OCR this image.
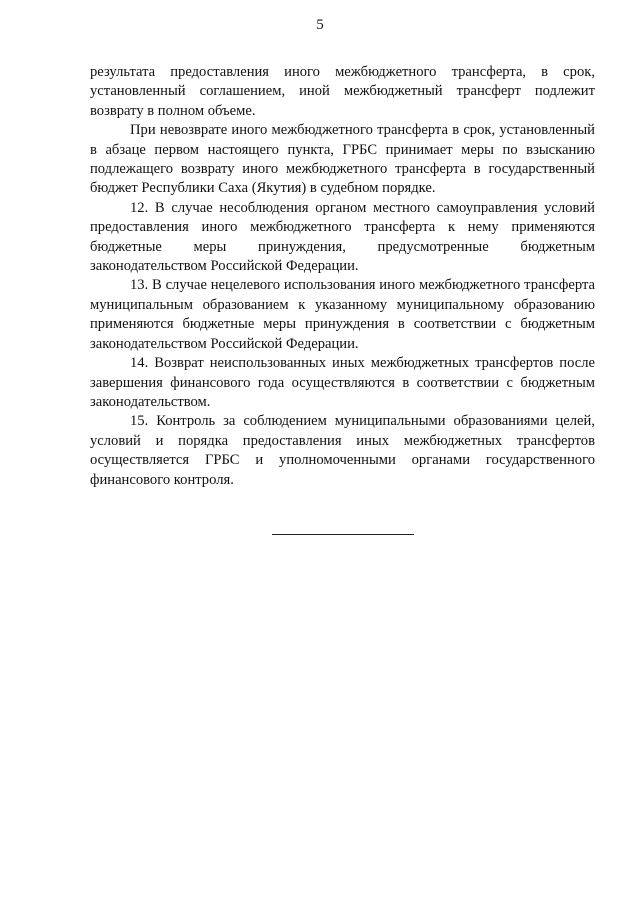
5

результата предоставления иного межбюджетного трансферта, в срок, установленный соглашением, иной межбюджетный трансферт подлежит возврату в полном объеме.

При невозврате иного межбюджетного трансферта в срок, установленный в абзаце первом настоящего пункта, ГРБС принимает меры по взысканию подлежащего возврату иного межбюджетного трансферта в государственный бюджет Республики Саха (Якутия) в судебном порядке.

12. В случае несоблюдения органом местного самоуправления условий предоставления иного межбюджетного трансферта к нему применяются бюджетные меры принуждения, предусмотренные бюджетным законодательством Российской Федерации.

13. В случае нецелевого использования иного межбюджетного трансферта муниципальным образованием к указанному муниципальному образованию применяются бюджетные меры принуждения в соответствии с бюджетным законодательством Российской Федерации.

14. Возврат неиспользованных иных межбюджетных трансфертов после завершения финансового года осуществляются в соответствии с бюджетным законодательством.

15. Контроль за соблюдением муниципальными образованиями целей, условий и порядка предоставления иных межбюджетных трансфертов осуществляется ГРБС и уполномоченными органами государственного финансового контроля.
